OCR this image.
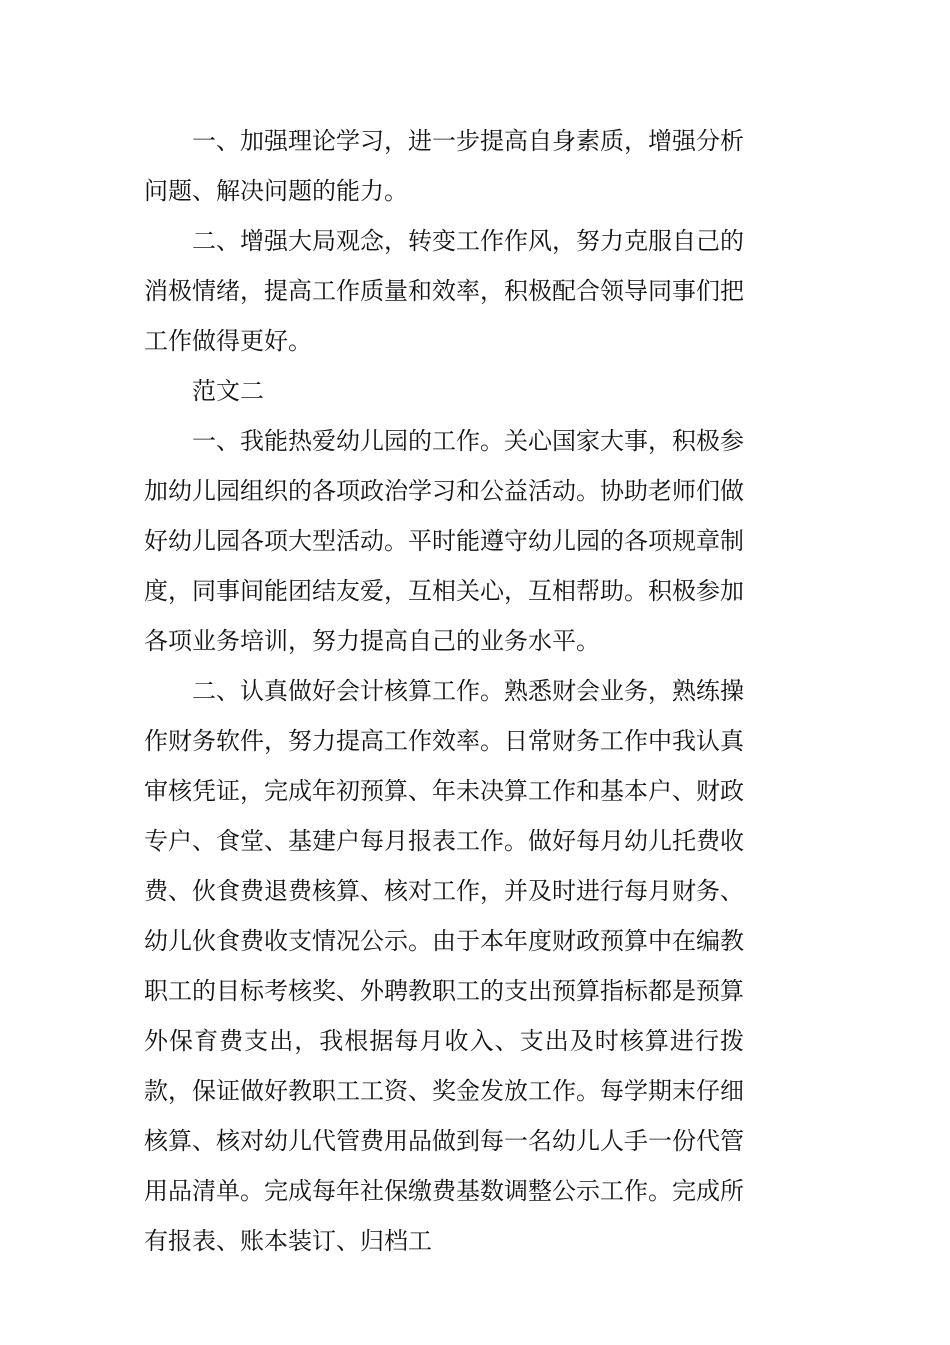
一、加强理论学习，进一步提高自身素质，增强分析问题、解决问题的能力。

二、增强大局观念，转变工作作风，努力克服自己的消极情绪，提高工作质量和效率，积极配合领导同事们把工作做得更好。

范文二

一、我能热爱幼儿园的工作。关心国家大事，积极参加幼儿园组织的各项政治学习和公益活动。协助老师们做好幼儿园各项大型活动。平时能遵守幼儿园的各项规章制度，同事间能团结友爱，互相关心，互相帮助。积极参加各项业务培训，努力提高自己的业务水平。

二、认真做好会计核算工作。熟悉财会业务，熟练操作财务软件，努力提高工作效率。日常财务工作中我认真审核凭证，完成年初预算、年未决算工作和基本户、财政专户、食堂、基建户每月报表工作。做好每月幼儿托费收费、伙食费退费核算、核对工作，并及时进行每月财务、幼儿伙食费收支情况公示。由于本年度财政预算中在编教职工的目标考核奖、外聘教职工的支出预算指标都是预算外保育费支出，我根据每月收入、支出及时核算进行拨款，保证做好教职工工资、奖金发放工作。每学期末仔细核算、核对幼儿代管费用品做到每一名幼儿人手一份代管用品清单。完成每年社保缴费基数调整公示工作。完成所有报表、账本装订、归档工
